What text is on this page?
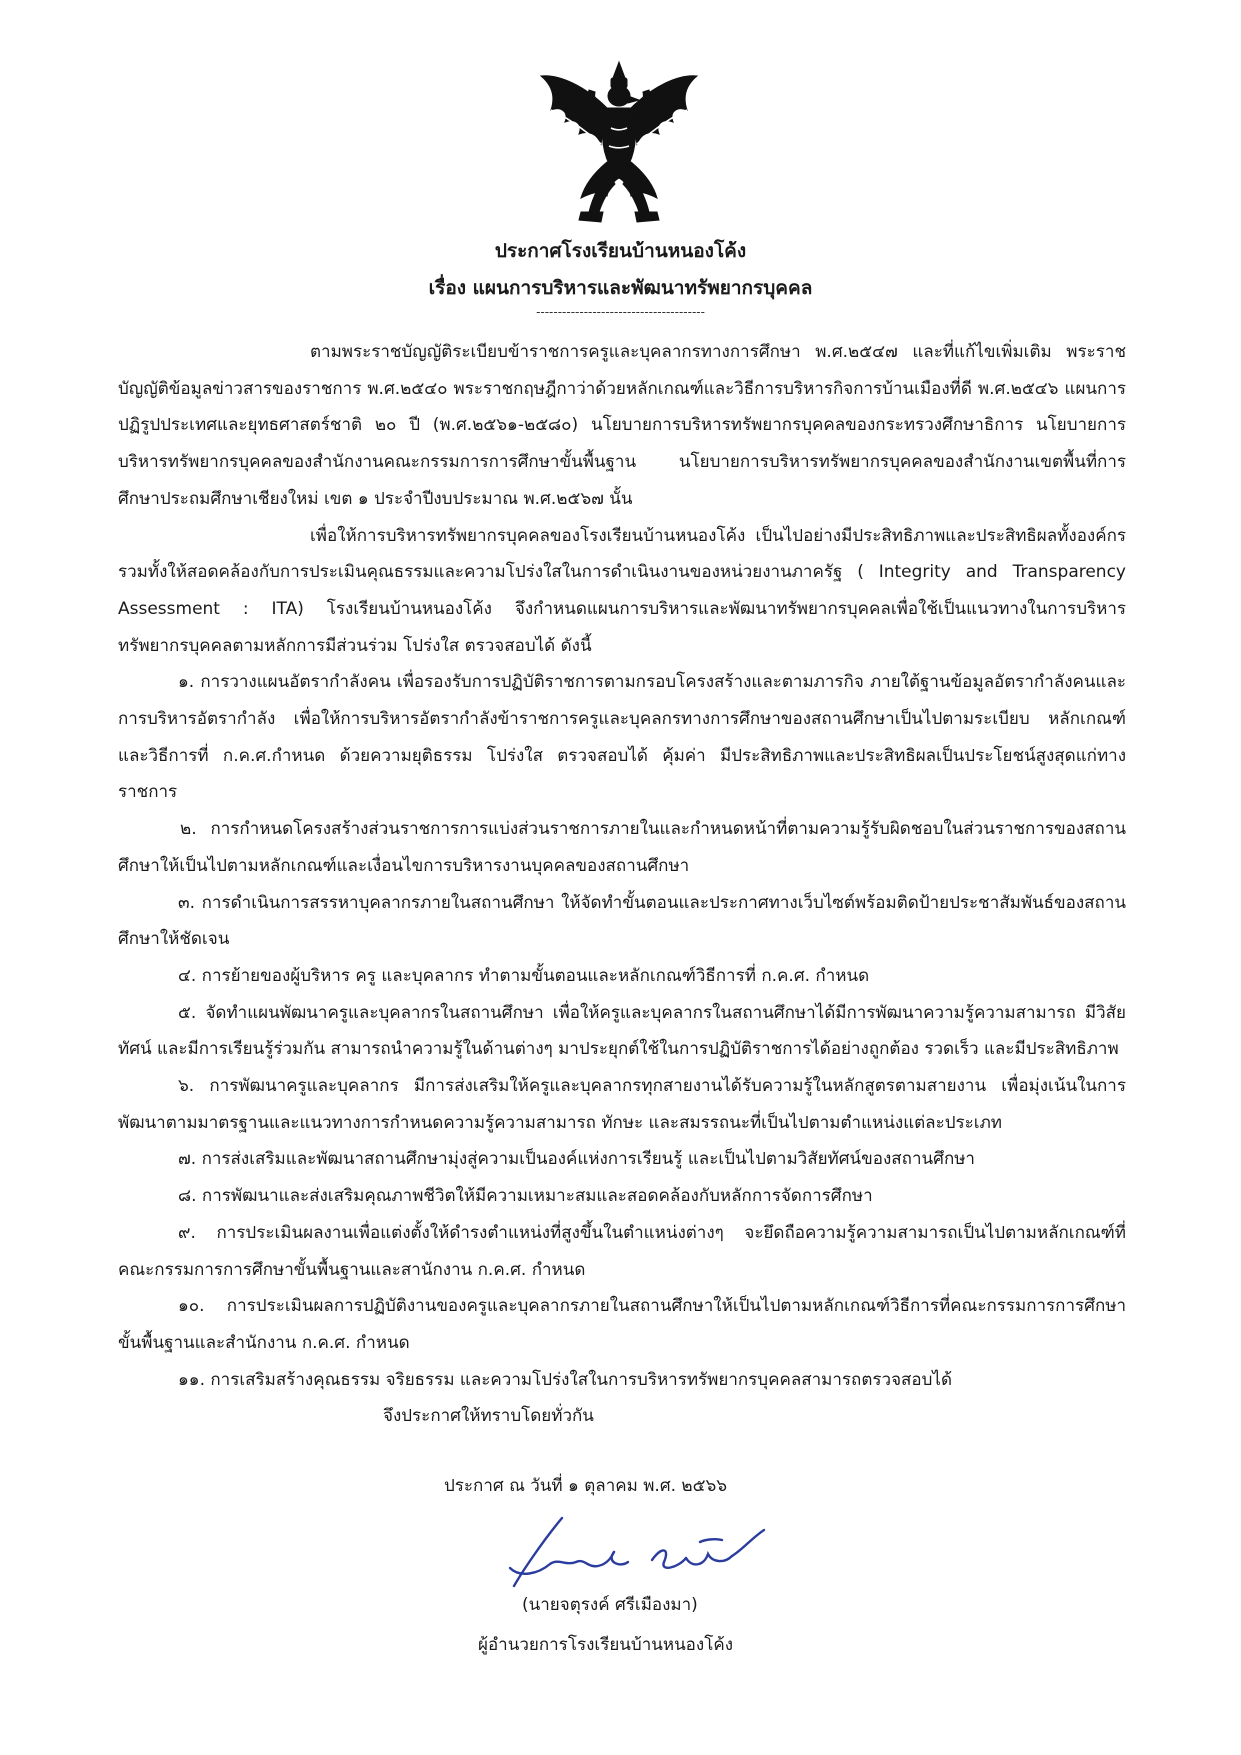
ประกาศโรงเรียนบ้านหนองโค้ง
เรื่อง แผนการบริหารและพัฒนาทรัพยากรบุคคล
---------------------------------------

ตามพระราชบัญญัติระเบียบข้าราชการครูและบุคลากรทางการศึกษา พ.ศ.๒๕๔๗ และที่แก้ไขเพิ่มเติม พระราชบัญญัติข้อมูลข่าวสารของราชการ พ.ศ.๒๕๔๐ พระราชกฤษฎีกาว่าด้วยหลักเกณฑ์และวิธีการบริหารกิจการบ้านเมืองที่ดี พ.ศ.๒๕๔๖ แผนการปฏิรูปประเทศและยุทธศาสตร์ชาติ ๒๐ ปี (พ.ศ.๒๕๖๑-๒๕๘๐) นโยบายการบริหารทรัพยากรบุคคลของกระทรวงศึกษาธิการ นโยบายการบริหารทรัพยากรบุคคลของสำนักงานคณะกรรมการการศึกษาขั้นพื้นฐาน นโยบายการบริหารทรัพยากรบุคคลของสำนักงานเขตพื้นที่การศึกษาประถมศึกษาเชียงใหม่ เขต ๑ ประจำปีงบประมาณ พ.ศ.๒๕๖๗ นั้น

เพื่อให้การบริหารทรัพยากรบุคคลของโรงเรียนบ้านหนองโค้ง เป็นไปอย่างมีประสิทธิภาพและประสิทธิผลทั้งองค์กรรวมทั้งให้สอดคล้องกับการประเมินคุณธรรมและความโปร่งใสในการดำเนินงานของหน่วยงานภาครัฐ ( Integrity and Transparency Assessment : ITA) โรงเรียนบ้านหนองโค้ง จึงกำหนดแผนการบริหารและพัฒนาทรัพยากรบุคคลเพื่อใช้เป็นแนวทางในการบริหารทรัพยากรบุคคลตามหลักการมีส่วนร่วม โปร่งใส ตรวจสอบได้ ดังนี้

๑. การวางแผนอัตรากำลังคน เพื่อรองรับการปฏิบัติราชการตามกรอบโครงสร้างและตามภารกิจ ภายใต้ฐานข้อมูลอัตรากำลังคนและการบริหารอัตรากำลัง เพื่อให้การบริหารอัตรากำลังข้าราชการครูและบุคลกรทางการศึกษาของสถานศึกษาเป็นไปตามระเบียบ หลักเกณฑ์และวิธีการที่ ก.ค.ศ.กำหนด ด้วยความยุติธรรม โปร่งใส ตรวจสอบได้ คุ้มค่า มีประสิทธิภาพและประสิทธิผลเป็นประโยชน์สูงสุดแก่ทางราชการ

๒. การกำหนดโครงสร้างส่วนราชการการแบ่งส่วนราชการภายในและกำหนดหน้าที่ตามความรู้รับผิดชอบในส่วนราชการของสถานศึกษาให้เป็นไปตามหลักเกณฑ์และเงื่อนไขการบริหารงานบุคคลของสถานศึกษา

๓. การดำเนินการสรรหาบุคลากรภายในสถานศึกษา ให้จัดทำขั้นตอนและประกาศทางเว็บไซต์พร้อมติดป้ายประชาสัมพันธ์ของสถานศึกษาให้ชัดเจน

๔. การย้ายของผู้บริหาร ครู และบุคลากร ทำตามขั้นตอนและหลักเกณฑ์วิธีการที่ ก.ค.ศ. กำหนด

๕. จัดทำแผนพัฒนาครูและบุคลากรในสถานศึกษา เพื่อให้ครูและบุคลากรในสถานศึกษาได้มีการพัฒนาความรู้ความสามารถ มีวิสัยทัศน์ และมีการเรียนรู้ร่วมกัน สามารถนำความรู้ในด้านต่างๆ มาประยุกต์ใช้ในการปฏิบัติราชการได้อย่างถูกต้อง รวดเร็ว และมีประสิทธิภาพ

๖. การพัฒนาครูและบุคลากร มีการส่งเสริมให้ครูและบุคลากรทุกสายงานได้รับความรู้ในหลักสูตรตามสายงาน เพื่อมุ่งเน้นในการพัฒนาตามมาตรฐานและแนวทางการกำหนดความรู้ความสามารถ ทักษะ และสมรรถนะที่เป็นไปตามตำแหน่งแต่ละประเภท

๗. การส่งเสริมและพัฒนาสถานศึกษามุ่งสู่ความเป็นองค์แห่งการเรียนรู้ และเป็นไปตามวิสัยทัศน์ของสถานศึกษา

๘. การพัฒนาและส่งเสริมคุณภาพชีวิตให้มีความเหมาะสมและสอดคล้องกับหลักการจัดการศึกษา

๙. การประเมินผลงานเพื่อแต่งตั้งให้ดำรงตำแหน่งที่สูงขึ้นในตำแหน่งต่างๆ จะยึดถือความรู้ความสามารถเป็นไปตามหลักเกณฑ์ที่คณะกรรมการการศึกษาขั้นพื้นฐานและสานักงาน ก.ค.ศ. กำหนด

๑๐. การประเมินผลการปฏิบัติงานของครูและบุคลากรภายในสถานศึกษาให้เป็นไปตามหลักเกณฑ์วิธีการที่คณะกรรมการการศึกษาขั้นพื้นฐานและสำนักงาน ก.ค.ศ. กำหนด

๑๑. การเสริมสร้างคุณธรรม จริยธรรม และความโปร่งใสในการบริหารทรัพยากรบุคคลสามารถตรวจสอบได้

จึงประกาศให้ทราบโดยทั่วกัน

ประกาศ ณ วันที่ ๑ ตุลาคม พ.ศ. ๒๕๖๖
(นายจตุรงค์ ศรีเมืองมา)
ผู้อำนวยการโรงเรียนบ้านหนองโค้ง
